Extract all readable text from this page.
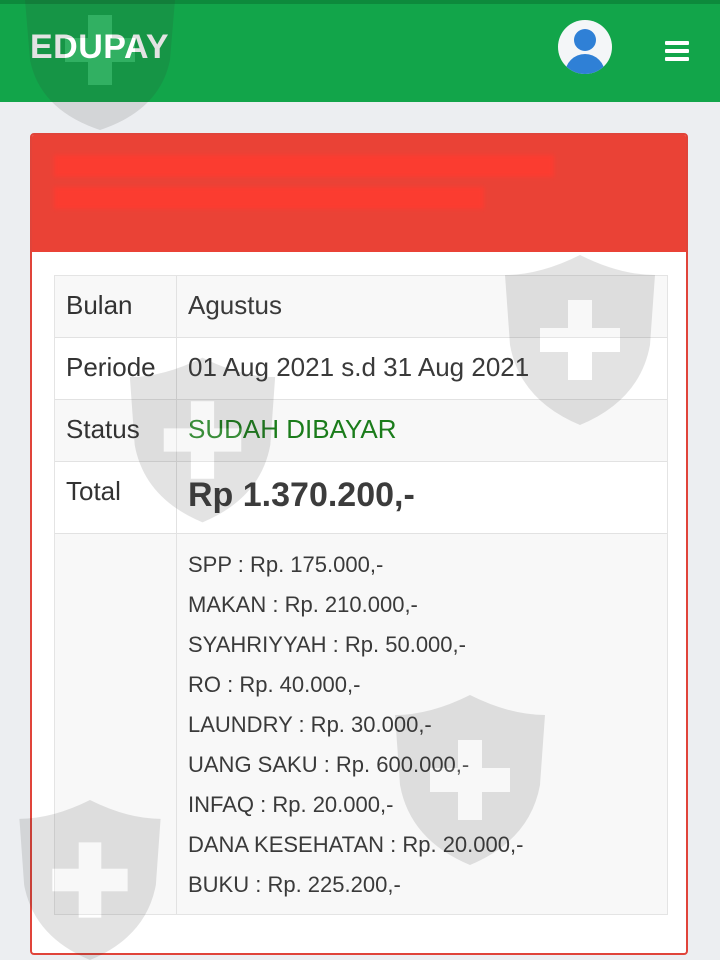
EDUPAY
Bulan Agustus
Periode 01 Aug 2021 s.d 31 Aug 2021
Status SUDAH DIBAYAR
Total Rp 1.370.200,-
SPP : Rp. 175.000,-
MAKAN : Rp. 210.000,-
SYAHRIYYAH : Rp. 50.000,-
RO : Rp. 40.000,-
LAUNDRY : Rp. 30.000,-
UANG SAKU : Rp. 600.000,-
INFAQ : Rp. 20.000,-
DANA KESEHATAN : Rp. 20.000,-
BUKU : Rp. 225.200,-
